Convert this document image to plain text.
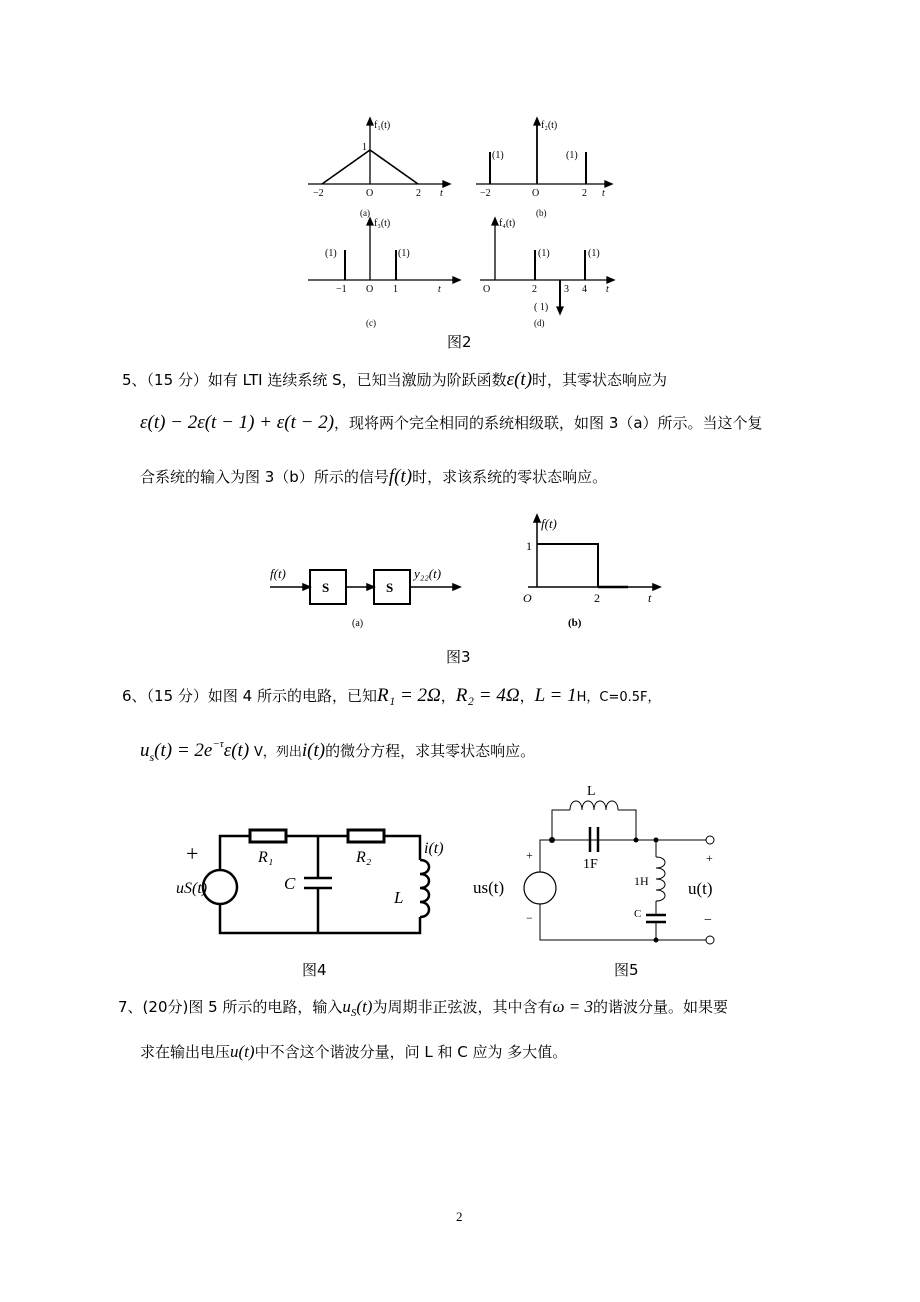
f₁(t)
1
−2	O	2 t
(a)
f₂(t)
(1)	(1)
−2	O	2 t
(b)
f₃(t)
(1)	(1)
−1 O 1	t
(c)
f₄(t)
(1)	(1)
( 1)
O	2	3 4 t
(d)
图2
5、（15 分）如有 LTI 连续系统 S，已知当激励为阶跃函数ε(t)时，其零状态响应为
ε(t) − 2ε(t − 1) + ε(t − 2)，现将两个完全相同的系统相级联，如图 3（a）所示。当这个复
合系统的输入为图 3（b）所示的信号f(t)时，求该系统的零状态响应。
f(t)
S	S
y₂₂(t)
(a)
f(t)
1
O	2	t
(b)
图3
6、（15 分）如图 4 所示的电路，已知R₁ = 2Ω，R₂ = 4Ω，L = 1H，C=0.5F，
$u_s(t) = 2e^{-\tau}\varepsilon(t)$ V，列出i(t)的微分方程，求其零状态响应。
+
uS(t)
R₁	R₂
C
L
i(t)
图4
L
1F
1H
C
us(t)
+
−
+
−
u(t)
图5
7、(20分)图 5 所示的电路，输入$u_S(t)$为周期非正弦波，其中含有ω = 3的谐波分量。如果要
求在输出电压u(t)中不含这个谐波分量，问 L 和 C 应为 多大值。
2
